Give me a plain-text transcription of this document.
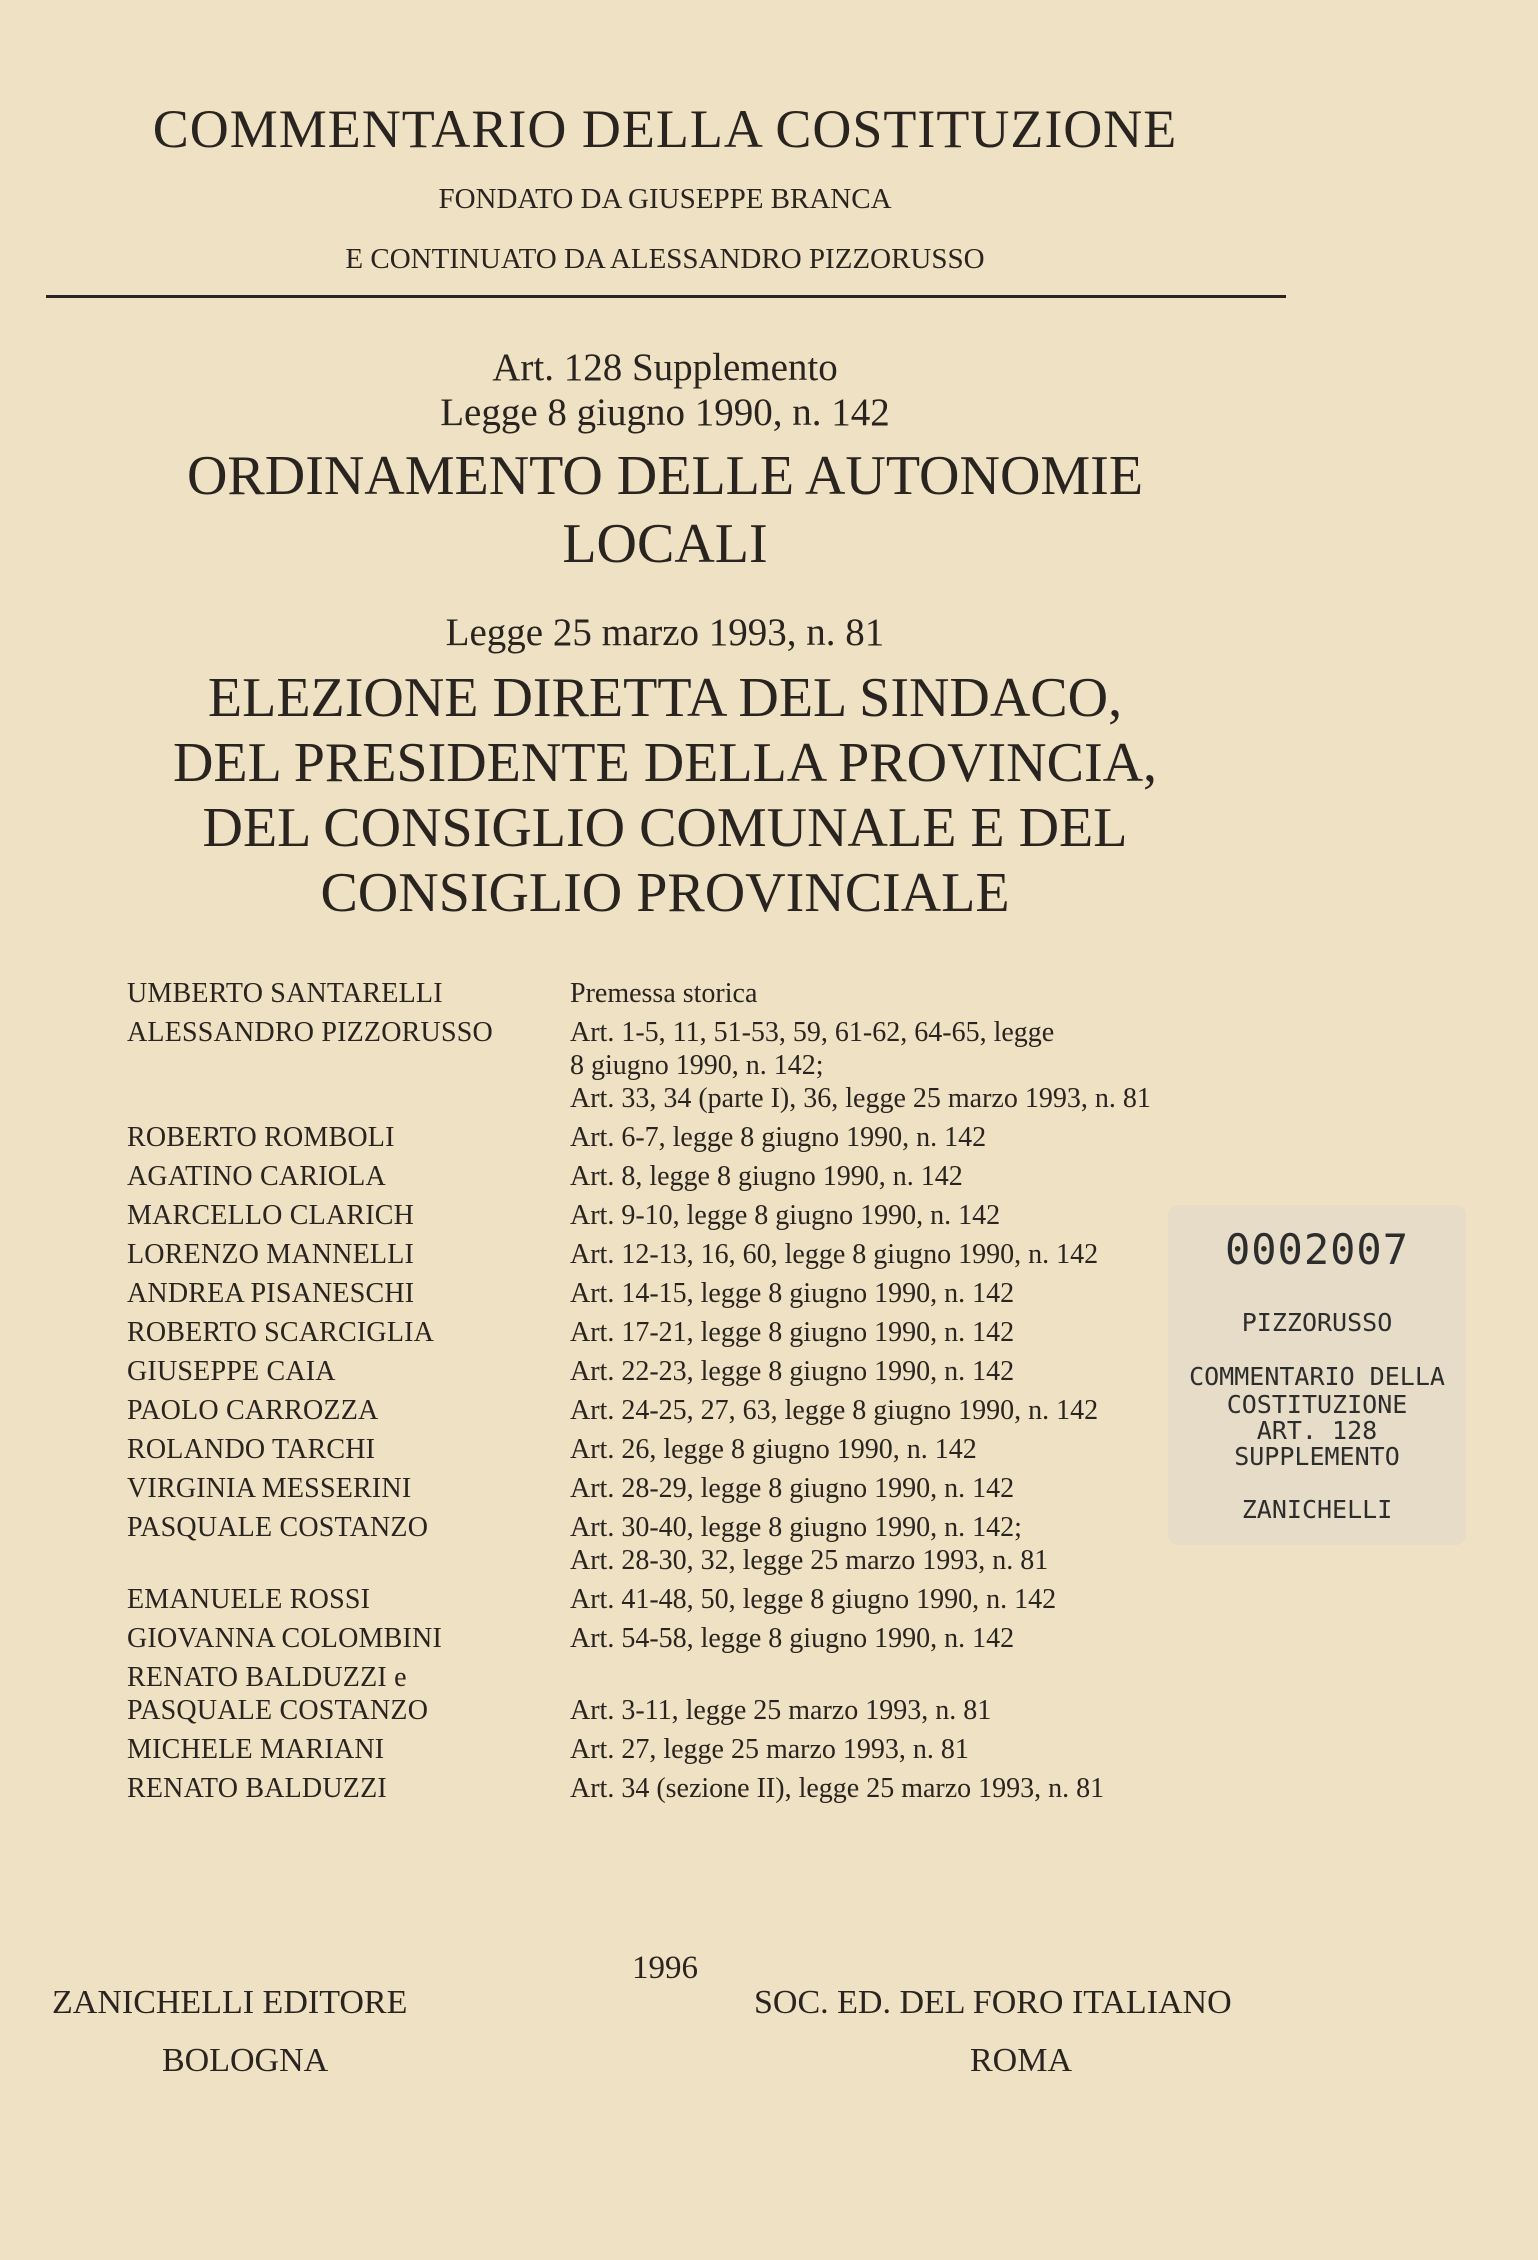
COMMENTARIO DELLA COSTITUZIONE
FONDATO DA GIUSEPPE BRANCA
E CONTINUATO DA ALESSANDRO PIZZORUSSO
Art. 128 Supplemento
Legge 8 giugno 1990, n. 142
ORDINAMENTO DELLE AUTONOMIE
LOCALI
Legge 25 marzo 1993, n. 81
ELEZIONE DIRETTA DEL SINDACO,
DEL PRESIDENTE DELLA PROVINCIA,
DEL CONSIGLIO COMUNALE E DEL
CONSIGLIO PROVINCIALE
UMBERTO SANTARELLI	Premessa storica
ALESSANDRO PIZZORUSSO	Art. 1-5, 11, 51-53, 59, 61-62, 64-65, legge
8 giugno 1990, n. 142;
Art. 33, 34 (parte I), 36, legge 25 marzo 1993, n. 81
ROBERTO ROMBOLI	Art. 6-7, legge 8 giugno 1990, n. 142
AGATINO CARIOLA	Art. 8, legge 8 giugno 1990, n. 142
MARCELLO CLARICH	Art. 9-10, legge 8 giugno 1990, n. 142
LORENZO MANNELLI	Art. 12-13, 16, 60, legge 8 giugno 1990, n. 142
ANDREA PISANESCHI	Art. 14-15, legge 8 giugno 1990, n. 142
ROBERTO SCARCIGLIA	Art. 17-21, legge 8 giugno 1990, n. 142
GIUSEPPE CAIA	Art. 22-23, legge 8 giugno 1990, n. 142
PAOLO CARROZZA	Art. 24-25, 27, 63, legge 8 giugno 1990, n. 142
ROLANDO TARCHI	Art. 26, legge 8 giugno 1990, n. 142
VIRGINIA MESSERINI	Art. 28-29, legge 8 giugno 1990, n. 142
PASQUALE COSTANZO	Art. 30-40, legge 8 giugno 1990, n. 142;
Art. 28-30, 32, legge 25 marzo 1993, n. 81
EMANUELE ROSSI	Art. 41-48, 50, legge 8 giugno 1990, n. 142
GIOVANNA COLOMBINI	Art. 54-58, legge 8 giugno 1990, n. 142
RENATO BALDUZZI e
PASQUALE COSTANZO	Art. 3-11, legge 25 marzo 1993, n. 81
MICHELE MARIANI	Art. 27, legge 25 marzo 1993, n. 81
RENATO BALDUZZI	Art. 34 (sezione II), legge 25 marzo 1993, n. 81
0002007
PIZZORUSSO
COMMENTARIO DELLA
COSTITUZIONE
ART. 128
SUPPLEMENTO
ZANICHELLI
1996
ZANICHELLI EDITORE
BOLOGNA
SOC. ED. DEL FORO ITALIANO
ROMA
